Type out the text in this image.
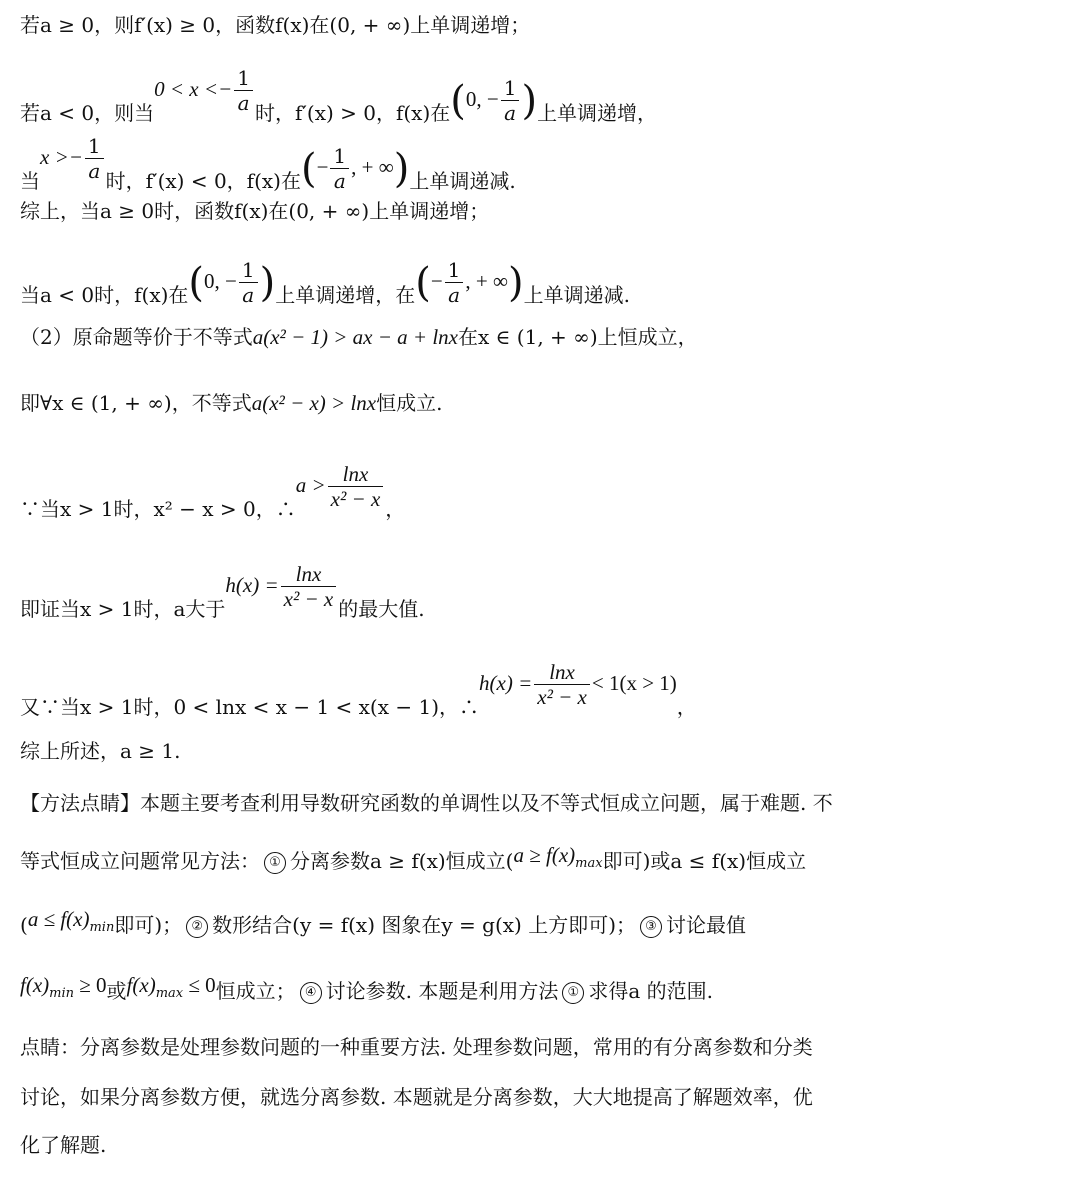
若a ≥ 0，则f′(x) ≥ 0，函数f(x)在(0, + ∞)上单调递增；
若a < 0，则当$0 < x <- \frac{1}{a}$ 时，f′(x) > 0，f(x)在(0, − $\frac{1}{a}$ )上单调递增，
当$x >- \frac{1}{a}$ 时，f′(x) < 0，f(x)在(− $\frac{1}{a}$ , + ∞)上单调递减.
综上，当a ≥ 0时，函数f(x)在(0, + ∞)上单调递增；
当a < 0时，f(x)在(0, − $\frac{1}{a}$ )上单调递增，在(− $\frac{1}{a}$ , + ∞)上单调递减.
（2）原命题等价于不等式a(x² − 1) > ax − a + lnx在x ∈ (1, + ∞)上恒成立，
即∀x ∈ (1, + ∞)，不等式a(x² − x) > lnx恒成立.
∵当x > 1时，x² − x > 0，∴a > $\frac{\ln x}{\text{x² − x}}$ ，
即证当x > 1时，a大于$h(x) = \frac{\ln x}{\text{x² − x}}$ 的最大值.
又∵当x > 1时，0 < lnx < x − 1 < x(x − 1)，∴h(x) = $\frac{\ln x}{\text{x² − x}} < 1(x > 1)$，
综上所述，a ≥ 1.
【方法点睛】本题主要考查利用导数研究函数的单调性以及不等式恒成立问题，属于难题. 不
等式恒成立问题常见方法： ① 分离参数a ≥ f(x)恒成立($a \ge f(x)_{max}$即可)或a ≤ f(x)恒成立
($a \le f(x)_{min}$即可)； ② 数形结合(y = f(x) 图象在y = g(x) 上方即可)； ③ 讨论最值
$f(x)_{min} \ge 0$或$f(x)_{max} \le 0$恒成立； ④ 讨论参数. 本题是利用方法 ① 求得a 的范围.
点睛：分离参数是处理参数问题的一种重要方法. 处理参数问题，常用的有分离参数和分类
讨论，如果分离参数方便，就选分离参数. 本题就是分离参数，大大地提高了解题效率，优
化了解题.
